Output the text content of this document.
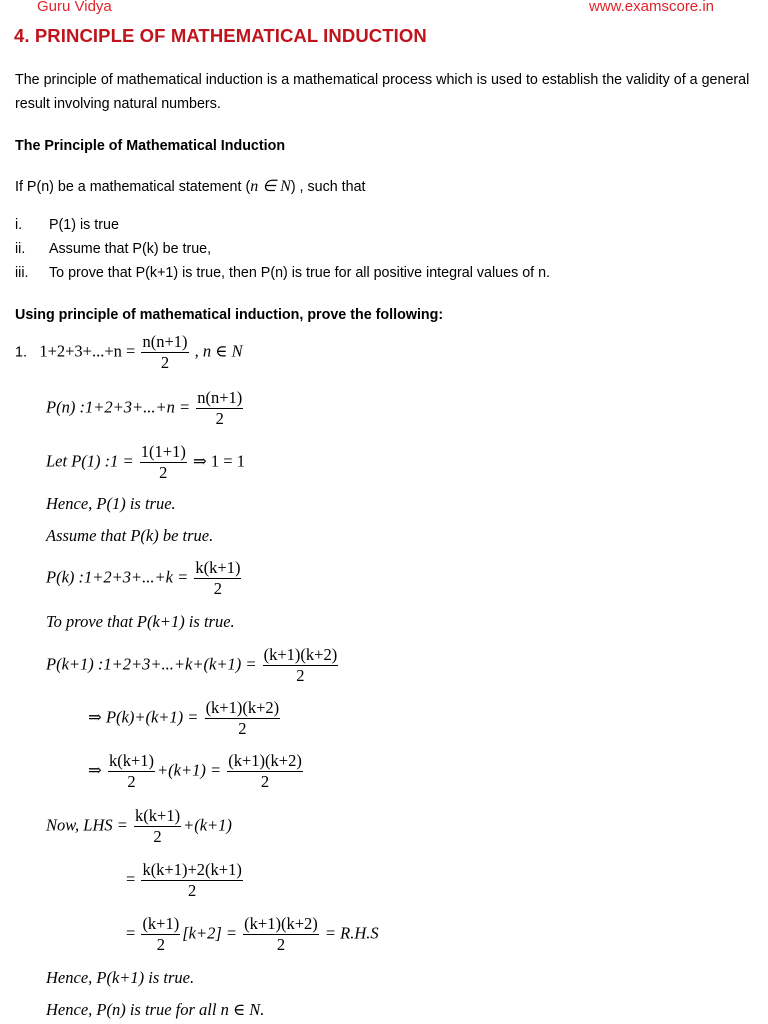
Guru Vidya	www.examscore.in
4. PRINCIPLE OF MATHEMATICAL INDUCTION
The principle of mathematical induction is a mathematical process which is used to establish the validity of a general result involving natural numbers.
The Principle of Mathematical Induction
If P(n) be a mathematical statement (n ∈ N) , such that
i. P(1) is true
ii. Assume that P(k) be true,
iii. To prove that P(k+1) is true, then P(n) is true for all positive integral values of n.
Using principle of mathematical induction, prove the following:
1. $1+2+3+...+n = \frac{n(n+1)}{2}$ , n ∈ N
P(n) :1+2+3+...+n = $\frac{n(n+1)}{2}$
Let P(1) :1 = $\frac{1(1+1)}{2}$ ⇒ 1 = 1
Hence, P(1) is true.
Assume that P(k) be true.
P(k) :1+2+3+...+k = $\frac{k(k+1)}{2}$
To prove that P(k+1) is true.
P(k+1) :1+2+3+...+k+(k+1) = $\frac{(k+1)(k+2)}{2}$
⇒ $P(k)+(k+1) = \frac{(k+1)(k+2)}{2}$
⇒ $\frac{k(k+1)}{2} +(k+1) = \frac{(k+1)(k+2)}{2}$
Now, LHS = $\frac{k(k+1)}{2} +(k+1)$
= $\frac{k(k+1)+2(k+1)}{2}$
= $\frac{(k+1)}{2} [k+2] = \frac{(k+1)(k+2)}{2} = R.H.S$
Hence, P(k+1) is true.
Hence, P(n) is true for all n ∈ N.
